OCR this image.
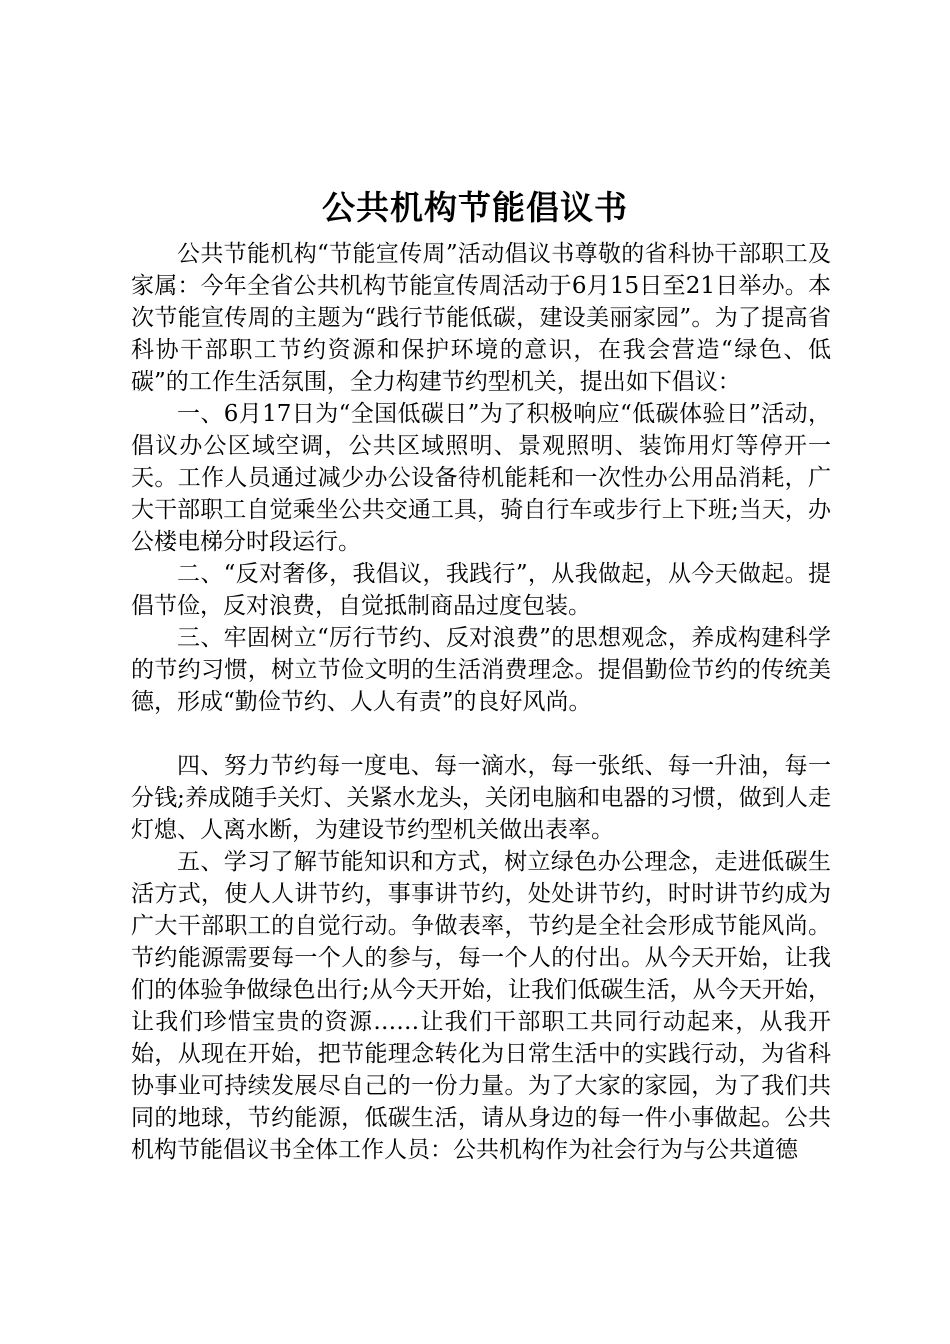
公共机构节能倡议书

公共节能机构“节能宣传周”活动倡议书尊敬的省科协干部职工及家属：今年全省公共机构节能宣传周活动于6月15日至21日举办。本次节能宣传周的主题为“践行节能低碳，建设美丽家园”。为了提高省科协干部职工节约资源和保护环境的意识，在我会营造“绿色、低碳”的工作生活氛围，全力构建节约型机关，提出如下倡议：

一、6月17日为“全国低碳日”为了积极响应“低碳体验日”活动，倡议办公区域空调，公共区域照明、景观照明、装饰用灯等停开一天。工作人员通过减少办公设备待机能耗和一次性办公用品消耗，广大干部职工自觉乘坐公共交通工具，骑自行车或步行上下班;当天，办公楼电梯分时段运行。

二、“反对奢侈，我倡议，我践行”，从我做起，从今天做起。提倡节俭，反对浪费，自觉抵制商品过度包装。

三、牢固树立“厉行节约、反对浪费”的思想观念，养成构建科学的节约习惯，树立节俭文明的生活消费理念。提倡勤俭节约的传统美德，形成“勤俭节约、人人有责”的良好风尚。

四、努力节约每一度电、每一滴水，每一张纸、每一升油，每一分钱;养成随手关灯、关紧水龙头，关闭电脑和电器的习惯，做到人走灯熄、人离水断，为建设节约型机关做出表率。

五、学习了解节能知识和方式，树立绿色办公理念，走进低碳生活方式，使人人讲节约，事事讲节约，处处讲节约，时时讲节约成为广大干部职工的自觉行动。争做表率，节约是全社会形成节能风尚。节约能源需要每一个人的参与，每一个人的付出。从今天开始，让我们的体验争做绿色出行;从今天开始，让我们低碳生活，从今天开始，让我们珍惜宝贵的资源……让我们干部职工共同行动起来，从我开始，从现在开始，把节能理念转化为日常生活中的实践行动，为省科协事业可持续发展尽自己的一份力量。为了大家的家园，为了我们共同的地球，节约能源，低碳生活，请从身边的每一件小事做起。公共机构节能倡议书全体工作人员：公共机构作为社会行为与公共道德
